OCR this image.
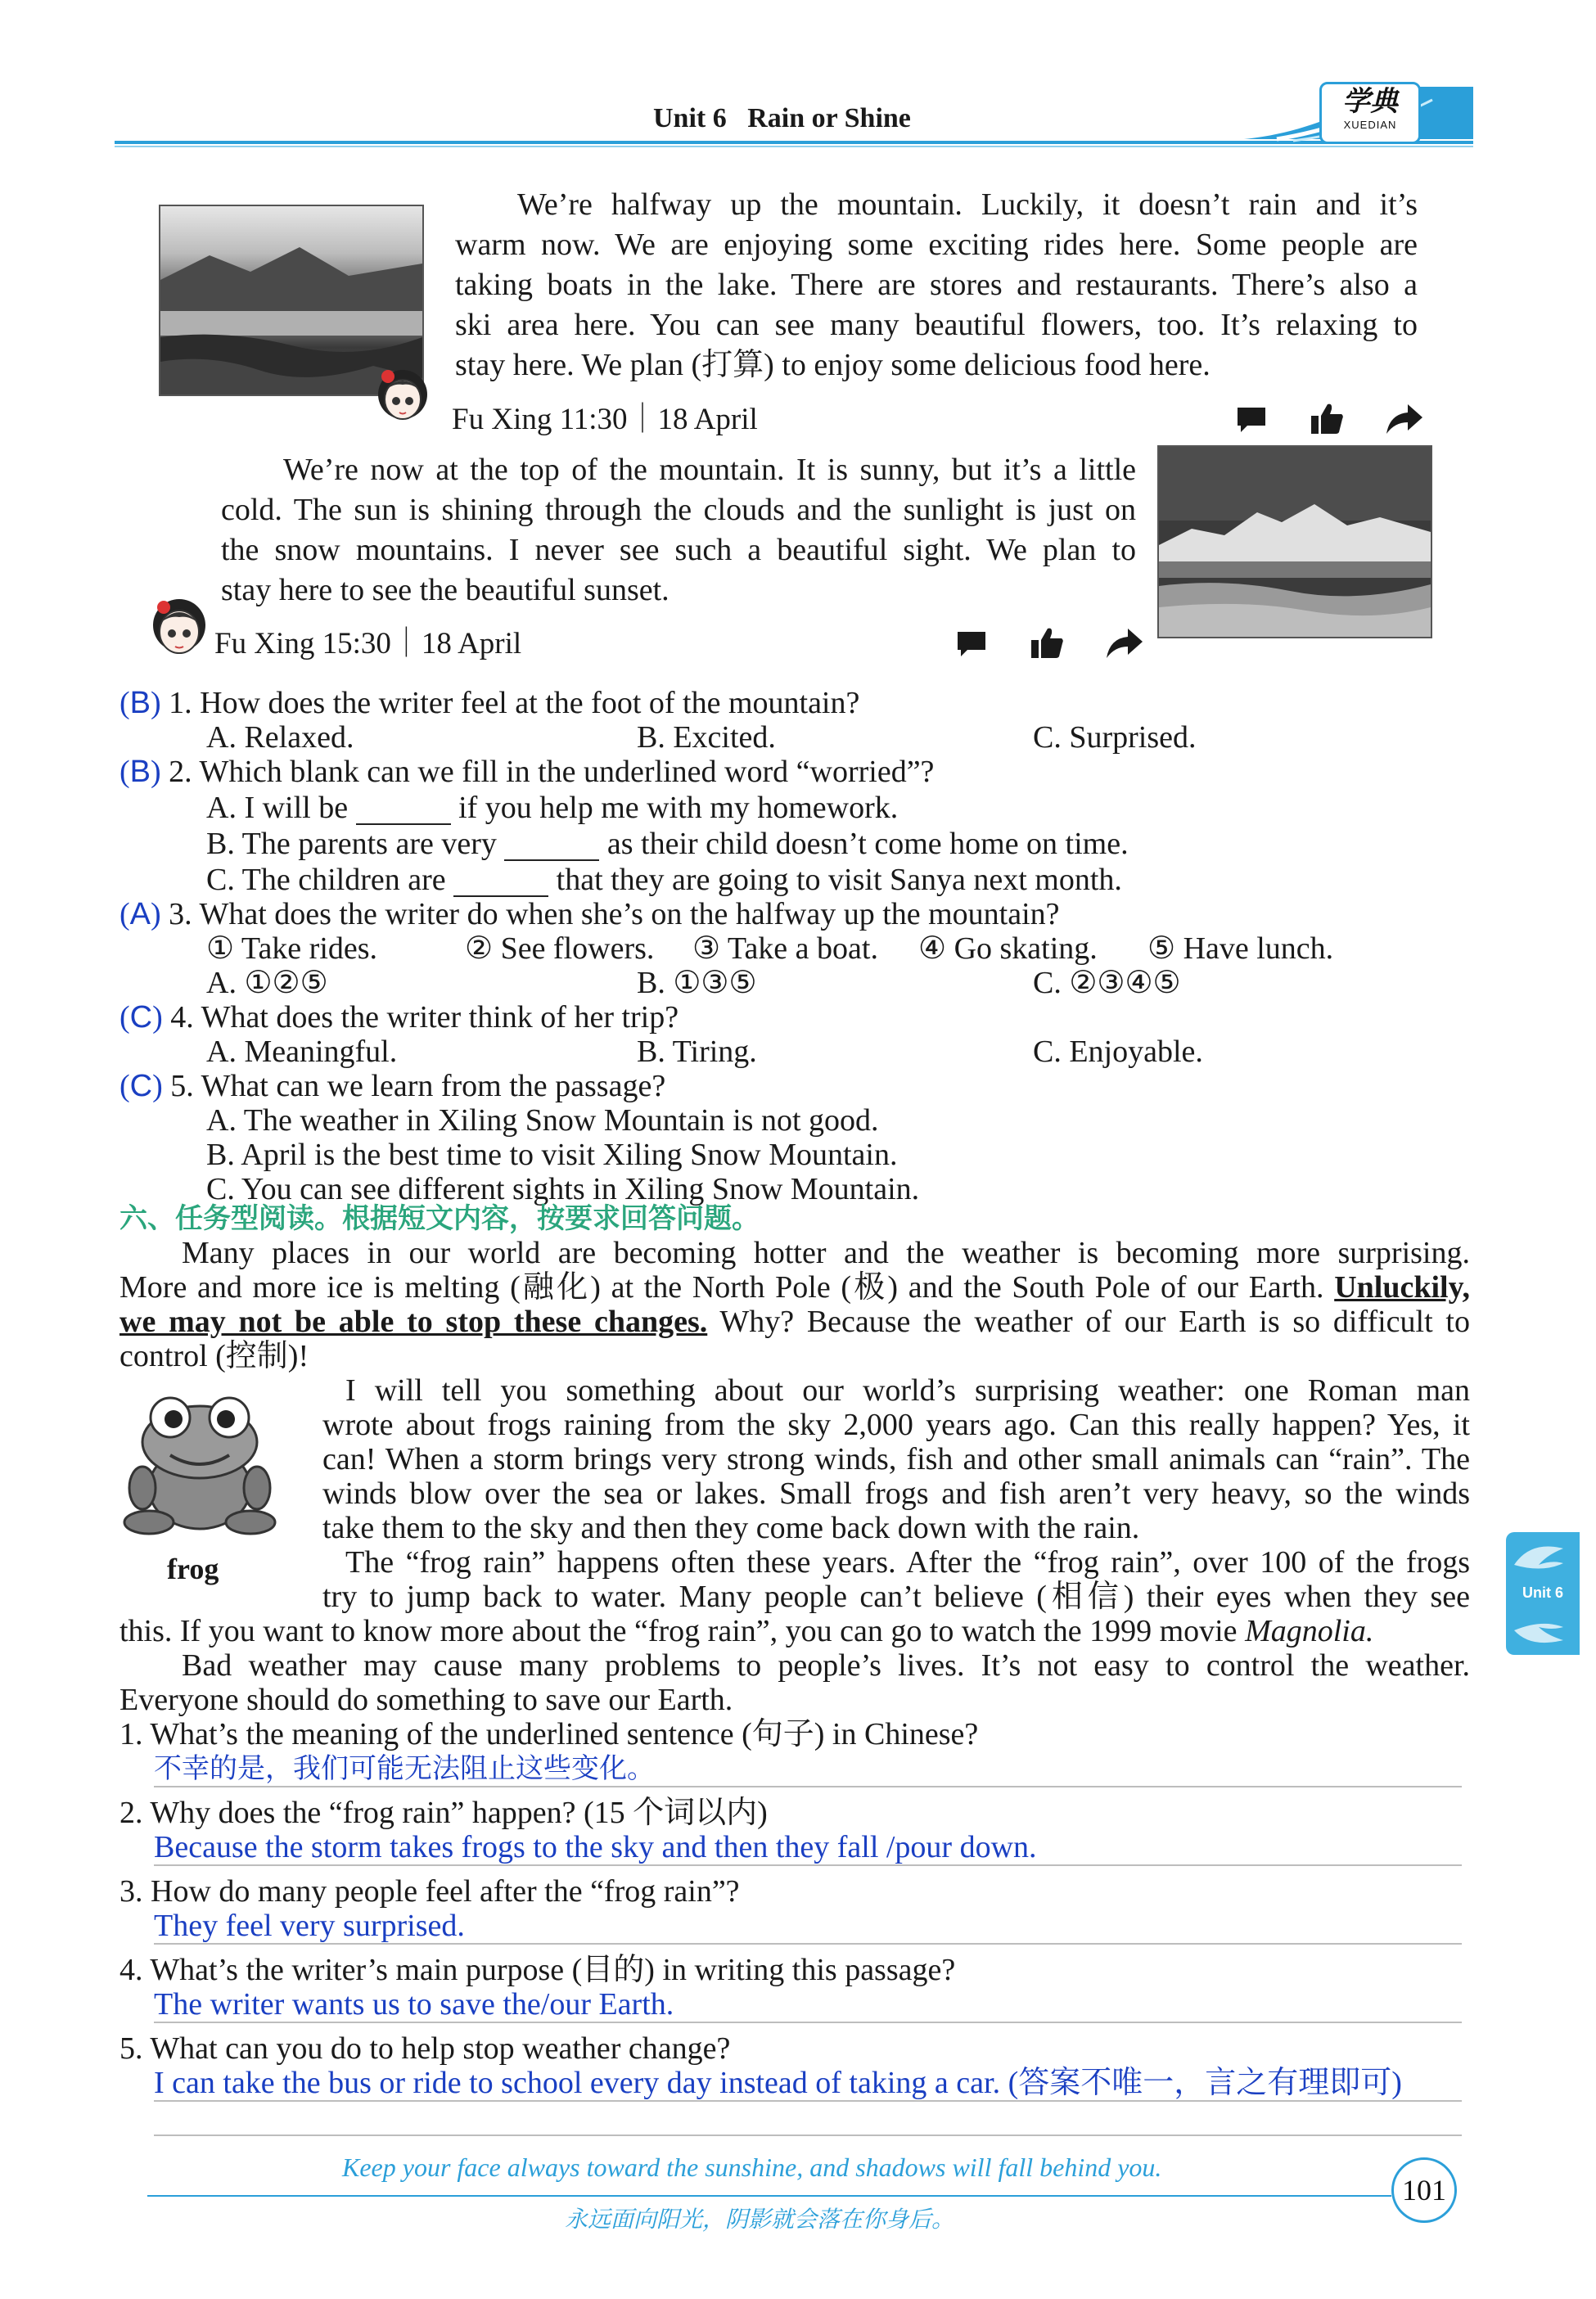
学典
XUEDIAN
Unit 6 Rain or Shine
We’re halfway up the mountain. Luckily, it doesn’t rain and it’s
warm now. We are enjoying some exciting rides here. Some people are
taking boats in the lake. There are stores and restaurants. There’s also a
ski area here. You can see many beautiful flowers, too. It’s relaxing to
stay here. We plan (打算) to enjoy some delicious food here.
Fu Xing 11:30｜18 April
We’re now at the top of the mountain. It is sunny, but it’s a little
cold. The sun is shining through the clouds and the sunlight is just on
the snow mountains. I never see such a beautiful sight. We plan to
stay here to see the beautiful sunset.
Fu Xing 15:30｜18 April
(B) 1. How does the writer feel at the foot of the mountain?
A. Relaxed.	B. Excited.	C. Surprised.
(B) 2. Which blank can we fill in the underlined word “worried”?
A. I will be	if you help me with my homework.
B. The parents are very	as their child doesn’t come home on time.
C. The children are	that they are going to visit Sanya next month.
(A) 3. What does the writer do when she’s on the halfway up the mountain?
① Take rides.	② See flowers. ③ Take a boat. ④ Go skating. ⑤ Have lunch.
A. ①②⑤	B. ①③⑤	C. ②③④⑤
(C) 4. What does the writer think of her trip?
A. Meaningful.	B. Tiring.	C. Enjoyable.
(C) 5. What can we learn from the passage?
A. The weather in Xiling Snow Mountain is not good.
B. April is the best time to visit Xiling Snow Mountain.
C. You can see different sights in Xiling Snow Mountain.
六、任务型阅读。根据短文内容，按要求回答问题。
Many places in our world are becoming hotter and the weather is becoming more surprising.
More and more ice is melting (融化) at the North Pole (极) and the South Pole of our Earth. Unluckily,
we may not be able to stop these changes. Why? Because the weather of our Earth is so difficult to
control (控制)!
frog
I will tell you something about our world’s surprising weather: one Roman man
wrote about frogs raining from the sky 2,000 years ago. Can this really happen? Yes, it
can! When a storm brings very strong winds, fish and other small animals can “rain”. The
winds blow over the sea or lakes. Small frogs and fish aren’t very heavy, so the winds
take them to the sky and then they come back down with the rain.
The “frog rain” happens often these years. After the “frog rain”, over 100 of the frogs
try to jump back to water. Many people can’t believe (相信) their eyes when they see
this. If you want to know more about the “frog rain”, you can go to watch the 1999 movie Magnolia.
Bad weather may cause many problems to people’s lives. It’s not easy to control the weather.
Everyone should do something to save our Earth.
1. What’s the meaning of the underlined sentence (句子) in Chinese?
不幸的是，我们可能无法阻止这些变化。
2. Why does the “frog rain” happen? (15 个词以内)
Because the storm takes frogs to the sky and then they fall /pour down.
3. How do many people feel after the “frog rain”?
They feel very surprised.
4. What’s the writer’s main purpose (目的) in writing this passage?
The writer wants us to save the/our Earth.
5. What can you do to help stop weather change?
I can take the bus or ride to school every day instead of taking a car. (答案不唯一，言之有理即可)
Unit 6
Keep your face always toward the sunshine, and shadows will fall behind you.
永远面向阳光，阴影就会落在你身后。
101
